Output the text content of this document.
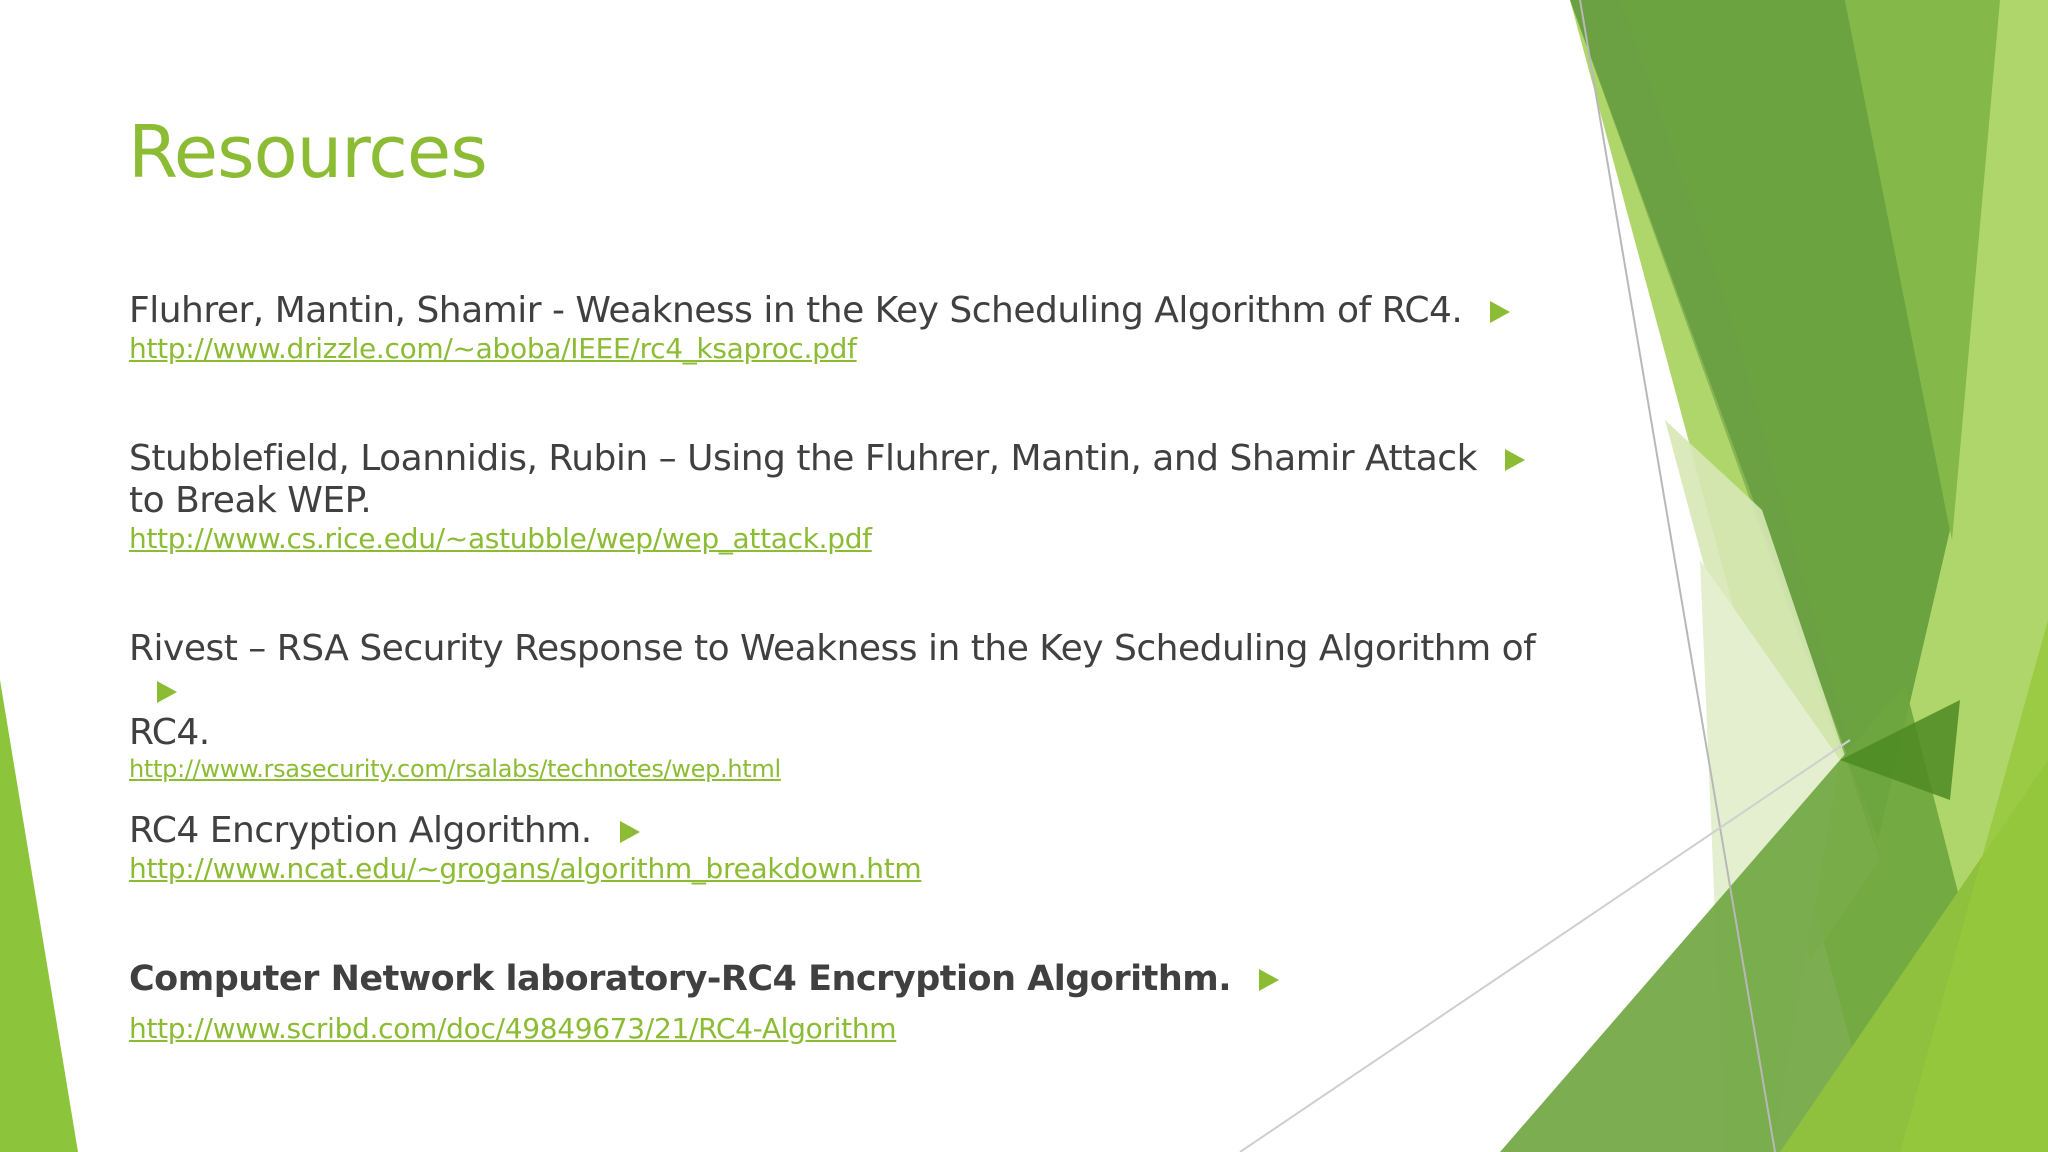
Resources
Fluhrer, Mantin, Shamir - Weakness in the Key Scheduling Algorithm of RC4.
http://www.drizzle.com/~aboba/IEEE/rc4_ksaproc.pdf
Stubblefield, Loannidis, Rubin – Using the Fluhrer, Mantin, and Shamir Attack
to Break WEP.
http://www.cs.rice.edu/~astubble/wep/wep_attack.pdf
Rivest – RSA Security Response to Weakness in the Key Scheduling Algorithm of
RC4.
http://www.rsasecurity.com/rsalabs/technotes/wep.html
RC4 Encryption Algorithm.
http://www.ncat.edu/~grogans/algorithm_breakdown.htm
Computer Network laboratory-RC4 Encryption Algorithm.
http://www.scribd.com/doc/49849673/21/RC4-Algorithm
